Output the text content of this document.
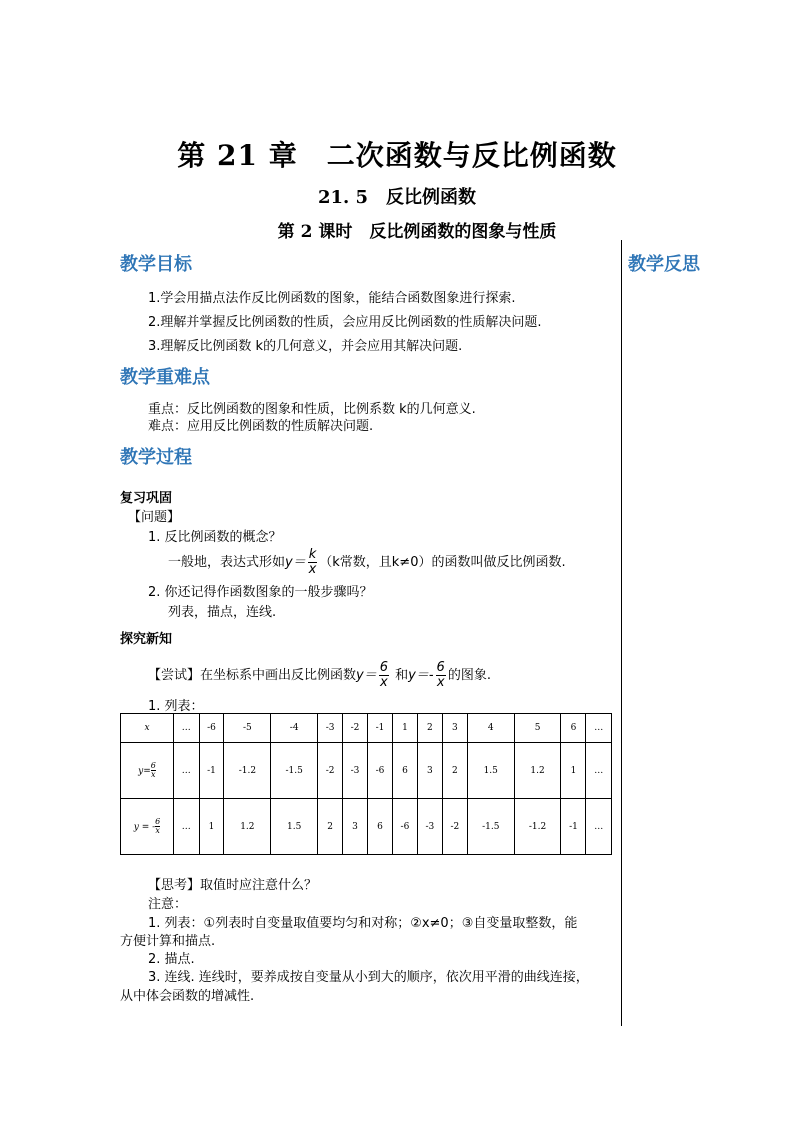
第 21 章　二次函数与反比例函数
21. 5　反比例函数
第 2 课时　反比例函数的图象与性质
教学反思
教学目标
1.学会用描点法作反比例函数的图象，能结合函数图象进行探索.
2.理解并掌握反比例函数的性质，会应用反比例函数的性质解决问题.
3.理解反比例函数 k的几何意义，并会应用其解决问题.
教学重难点
重点：反比例函数的图象和性质，比例系数 k的几何意义.
难点：应用反比例函数的性质解决问题.
教学过程
复习巩固
【问题】
1. 反比例函数的概念？
一般地，表达式形如$y= \frac{k}{x} (k$常数，且k≠0）的函数叫做反比例函数.
2. 你还记得作函数图象的一般步骤吗？
列表，描点，连线.
探究新知
【尝试】在坐标系中画出反比例函数$y= \frac{6}{x}$ 和$y=- \frac{6}{x}$ 的图象.
1. 列表：
x	…	-6	-5	-4	-3	-2	-1	1	2	3	4	5	6	…
$y= \frac{6}{x}$	…	-1	-1.2	-1.5	-2	-3	-6	6	3	2	1.5	1.2	1	…
y = - $\frac{6}{x}$	…	1	1.2	1.5	2	3	6	-6	-3	-2	-1.5	-1.2	-1	…
【思考】取值时应注意什么？
注意：
1. 列表：①列表时自变量取值要均匀和对称；②x≠0；③自变量取整数，能
方便计算和描点.
2. 描点.
3. 连线. 连线时，要养成按自变量从小到大的顺序，依次用平滑的曲线连接，
从中体会函数的增减性.
